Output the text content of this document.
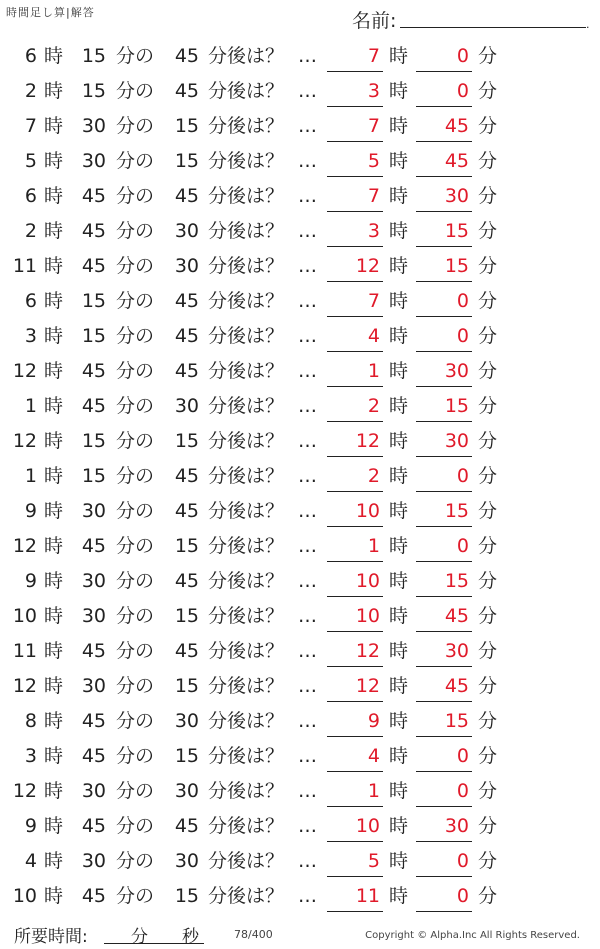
時間足し算|解答	名前:	.
6 時 15 分の	45 分後は？ …	7 時	0 分
2 時 15 分の	45 分後は？ …	3 時	0 分
7 時 30 分の	15 分後は？ …	7 時	45 分
5 時 30 分の	15 分後は？ …	5 時	45 分
6 時 45 分の	45 分後は？ …	7 時	30 分
2 時 45 分の	30 分後は？ …	3 時	15 分
11 時 45 分の	30 分後は？ …	12 時	15 分
6 時 15 分の	45 分後は？ …	7 時	0 分
3 時 15 分の	45 分後は？ …	4 時	0 分
12 時 45 分の	45 分後は？ …	1 時	30 分
1 時 45 分の	30 分後は？ …	2 時	15 分
12 時 15 分の	15 分後は？ …	12 時	30 分
1 時 15 分の	45 分後は？ …	2 時	0 分
9 時 30 分の	45 分後は？ …	10 時	15 分
12 時 45 分の	15 分後は？ …	1 時	0 分
9 時 30 分の	45 分後は？ …	10 時	15 分
10 時 30 分の	15 分後は？ …	10 時	45 分
11 時 45 分の	45 分後は？ …	12 時	30 分
12 時 30 分の	15 分後は？ …	12 時	45 分
8 時 45 分の	30 分後は？ …	9 時	15 分
3 時 45 分の	15 分後は？ …	4 時	0 分
12 時 30 分の	30 分後は？ …	1 時	0 分
9 時 45 分の	45 分後は？ …	10 時	30 分
4 時 30 分の	30 分後は？ …	5 時	0 分
10 時 45 分の	15 分後は？ …	11 時	0 分
所要時間:	分 秒	78/400	Copyright © Alpha.Inc All Rights Reserved.
